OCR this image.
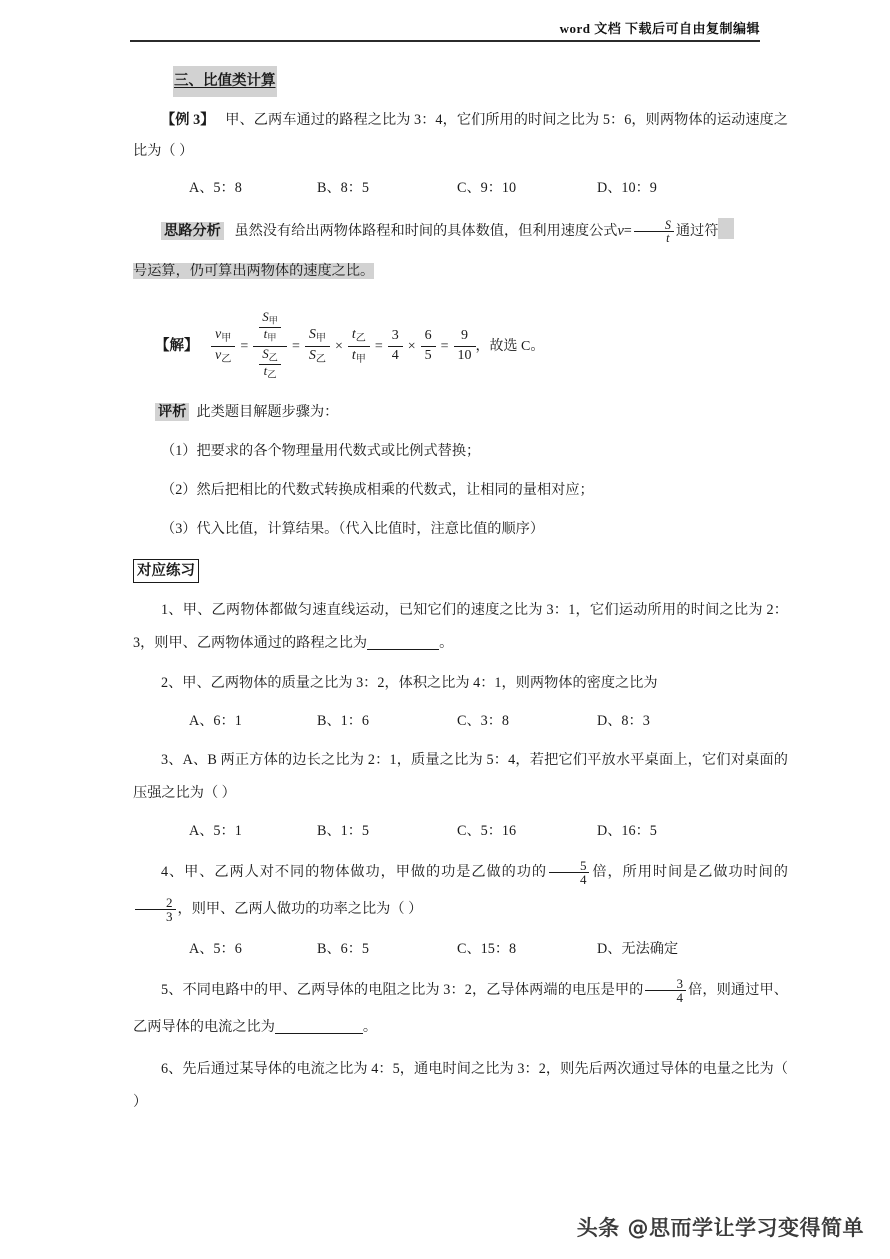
word 文档 下载后可自由复制编辑
三、比值类计算
【例 3】 甲、乙两车通过的路程之比为 3：4，它们所用的时间之比为 5：6，则两物体的运动速度之比为（ ）
A、5：8	B、8：5	C、9：10	D、10：9
思路分析 虽然没有给出两物体路程和时间的具体数值，但利用速度公式$v= \frac{S}{t}$ 通过符
号运算，仍可算出两物体的速度之比。
【解】 $\frac{v_甲}{v_乙} = \frac{\frac{S_甲}{t_甲}}{\frac{S_乙}{t_乙}} = \frac{S_甲}{S_乙} \times \frac{t_乙}{t_甲} = \frac{3}{4} \times \frac{6}{5} = \frac{9}{10}$ ，故选 C。
评析 此类题目解题步骤为：
（1）把要求的各个物理量用代数式或比例式替换；
（2）然后把相比的代数式转换成相乘的代数式，让相同的量相对应；
（3）代入比值，计算结果。（代入比值时，注意比值的顺序）
对应练习
1、甲、乙两物体都做匀速直线运动，已知它们的速度之比为 3：1，它们运动所用的时间之比为 2：3，则甲、乙两物体通过的路程之比为	。
2、甲、乙两物体的质量之比为 3：2，体积之比为 4：1，则两物体的密度之比为
A、6：1	B、1：6	C、3：8	D、8：3
3、A、B 两正方体的边长之比为 2：1，质量之比为 5：4，若把它们平放水平桌面上，它们对桌面的压强之比为（ ）
A、5：1	B、1：5	C、5：16	D、16：5
4、甲、乙两人对不同的物体做功，甲做的功是乙做的功的 $\frac{5}{4}$ 倍，所用时间是乙做功时间的
$\frac{2}{3}$ ，则甲、乙两人做功的功率之比为（ ）
A、5：6	B、6：5	C、15：8	D、无法确定
5、不同电路中的甲、乙两导体的电阻之比为 3：2，乙导体两端的电压是甲的 $\frac{3}{4}$ 倍，则通过甲、乙两导体的电流之比为	。
6、先后通过某导体的电流之比为 4：5，通电时间之比为 3：2，则先后两次通过导体的电量之比为（ ）
头条 @思而学让学习变得简单
